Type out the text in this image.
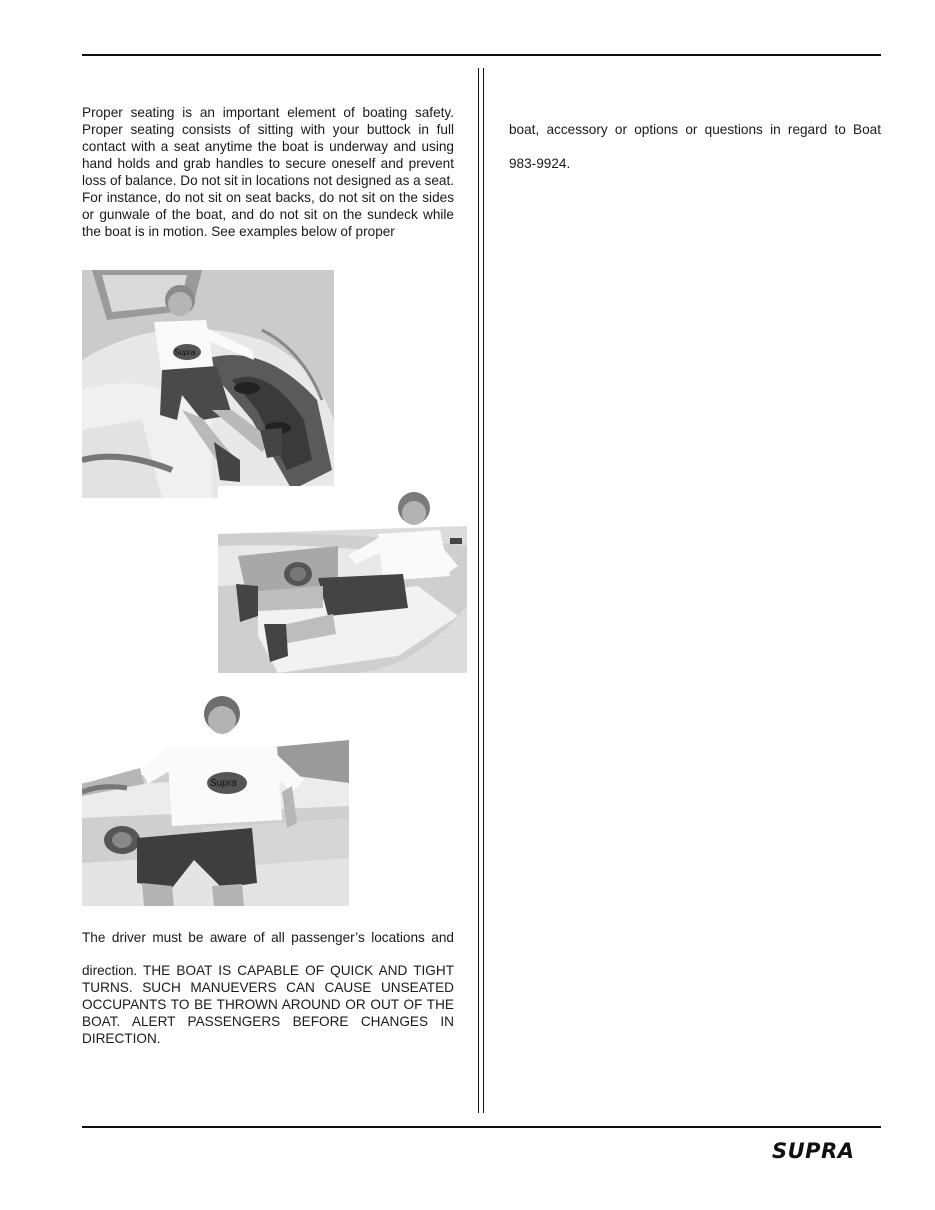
Proper seating is an important element of boating safety. Proper seating consists of sitting with your buttock in full contact with a seat anytime the boat is underway and using hand holds and grab handles to secure oneself and prevent loss of balance. Do not sit in locations not designed as a seat. For instance, do not sit on seat backs, do not sit on the sides or gunwale of the boat, and do not sit on the sundeck while the boat is in motion. See examples below of proper

Supra
Supra

The driver must be aware of all passenger’s locations and

direction. THE BOAT IS CAPABLE OF QUICK AND TIGHT TURNS. SUCH MANUEVERS CAN CAUSE UNSEATED OCCUPANTS TO BE THROWN AROUND OR OUT OF THE BOAT. ALERT PASSENGERS BEFORE CHANGES IN DIRECTION.

boat, accessory or options or questions in regard to Boat

983-9924.

SUPRA
